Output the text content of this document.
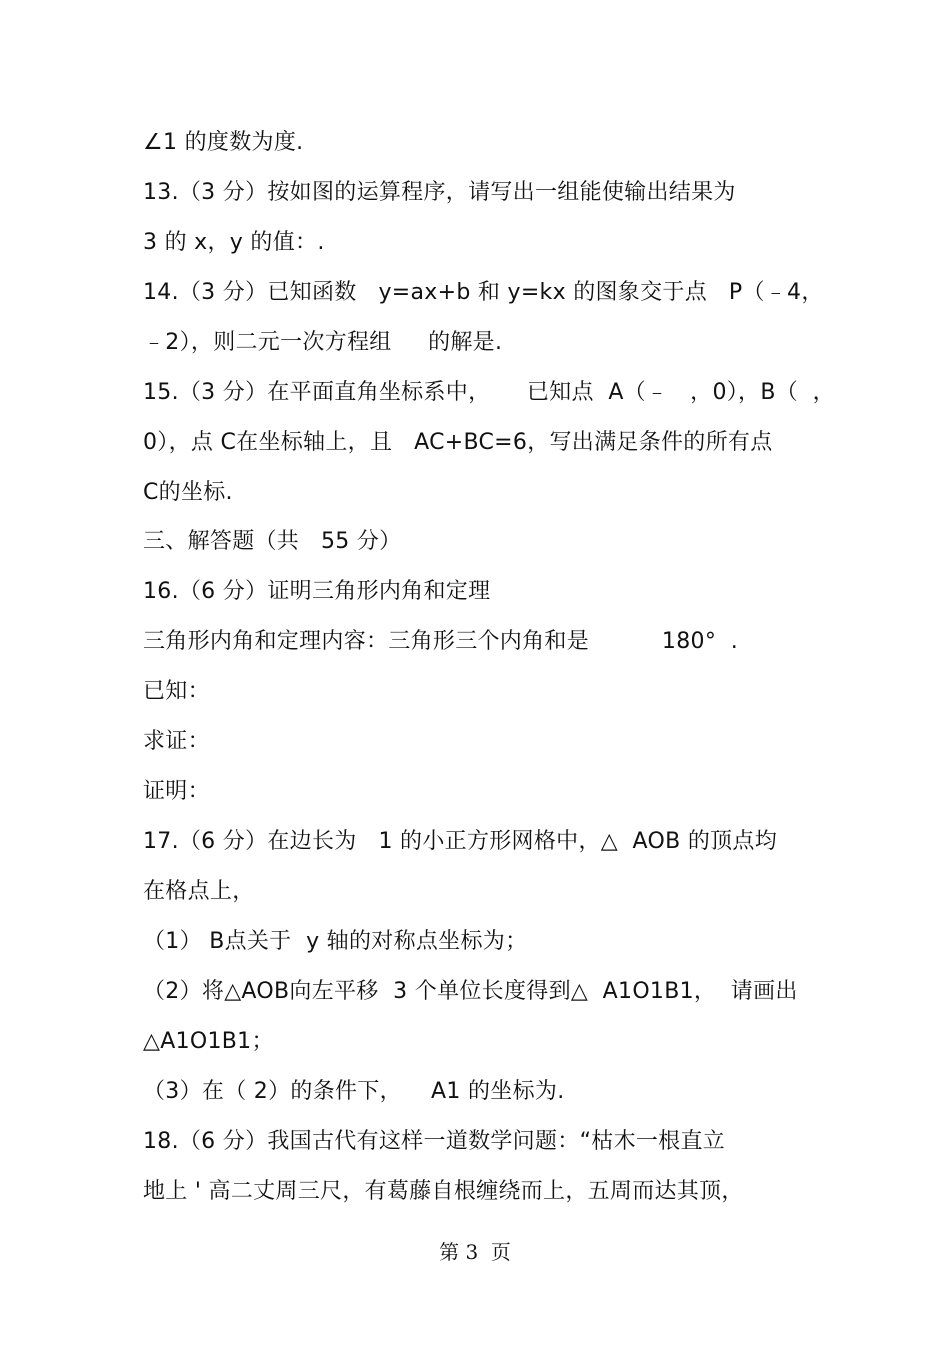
∠1 的度数为度.
13.（3 分）按如图的运算程序，请写出一组能使输出结果为
3 的 x，y 的值：.
14.（3 分）已知函数   y=ax+b 和 y=kx 的图象交于点   P（﹣4，
﹣2），则二元一次方程组     的解是.
15.（3 分）在平面直角坐标系中，     已知点  A（﹣   ，0），B（  ，
0），点 C在坐标轴上，且   AC+BC=6，写出满足条件的所有点
C的坐标.
三、解答题（共   55 分）
16.（6 分）证明三角形内角和定理
三角形内角和定理内容：三角形三个内角和是          180°  .
已知：
求证：
证明：
17.（6 分）在边长为   1 的小正方形网格中，△  AOB 的顶点均
在格点上，
（1） B点关于  y 轴的对称点坐标为；
（2）将△AOB向左平移  3 个单位长度得到△  A1O1B1，  请画出
△A1O1B1；
（3）在（ 2）的条件下，    A1 的坐标为.
18.（6 分）我国古代有这样一道数学问题：“枯木一根直立
地上 ' 高二丈周三尺，有葛藤自根缠绕而上，五周而达其顶，
第 3  页
